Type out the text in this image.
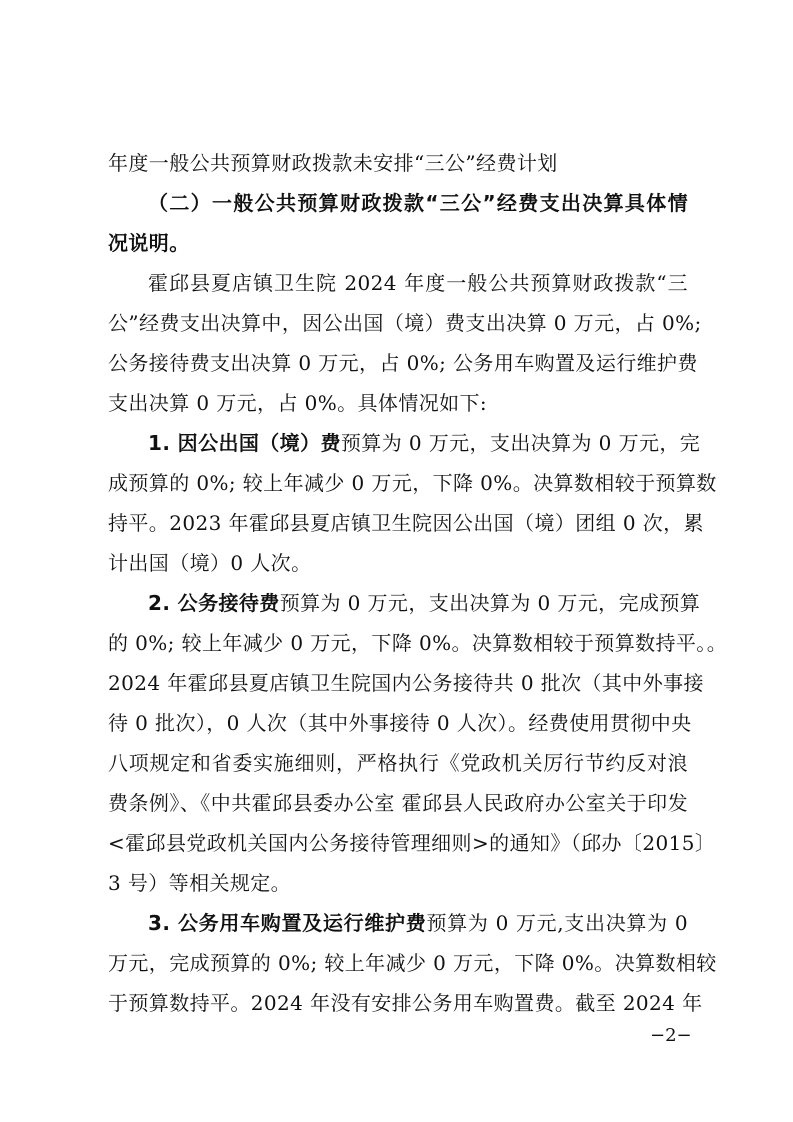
年度一般公共预算财政拨款未安排“三公”经费计划
（二）一般公共预算财政拨款“三公”经费支出决算具体情
况说明。
霍邱县夏店镇卫生院 2024 年度一般公共预算财政拨款“三
公”经费支出决算中，因公出国（境）费支出决算 0 万元，占 0%;
公务接待费支出决算 0 万元，占 0%; 公务用车购置及运行维护费
支出决算 0 万元，占 0%。具体情况如下:
1. 因公出国（境）费预算为 0 万元，支出决算为 0 万元，完
成预算的 0%; 较上年减少 0 万元，下降 0%。决算数相较于预算数
持平。2023 年霍邱县夏店镇卫生院因公出国（境）团组 0 次，累
计出国（境）0 人次。
2. 公务接待费预算为 0 万元，支出决算为 0 万元，完成预算
的 0%; 较上年减少 0 万元，下降 0%。决算数相较于预算数持平。。
2024 年霍邱县夏店镇卫生院国内公务接待共 0 批次（其中外事接
待 0 批次），0 人次（其中外事接待 0 人次）。经费使用贯彻中央
八项规定和省委实施细则，严格执行《党政机关厉行节约反对浪
费条例》、《中共霍邱县委办公室 霍邱县人民政府办公室关于印发
<霍邱县党政机关国内公务接待管理细则>的通知》（邱办〔2015〕
3 号）等相关规定。
3. 公务用车购置及运行维护费预算为 0 万元,支出决算为 0
万元，完成预算的 0%; 较上年减少 0 万元，下降 0%。决算数相较
于预算数持平。2024 年没有安排公务用车购置费。截至 2024 年
−2−
